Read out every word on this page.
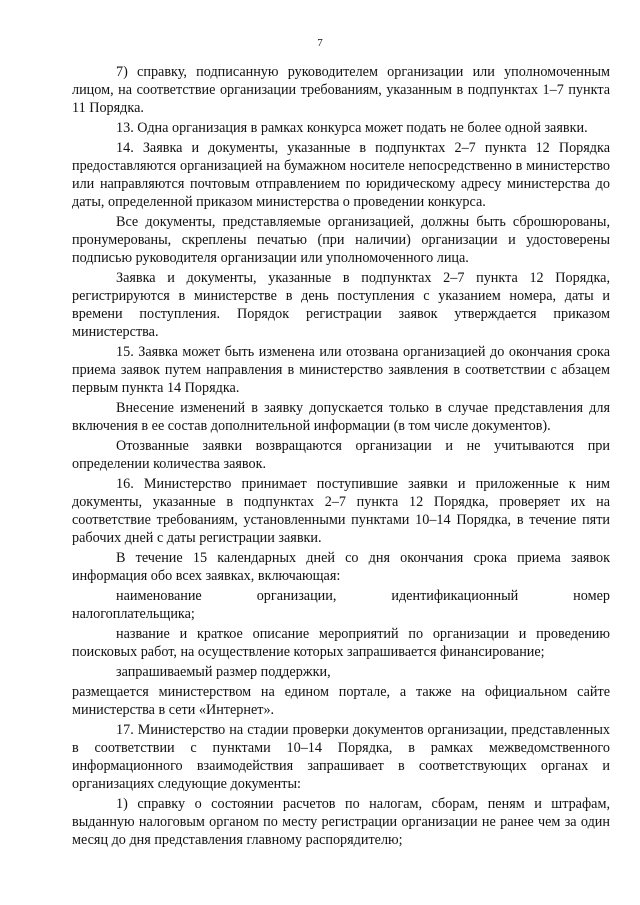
7

7) справку, подписанную руководителем организации или уполномоченным лицом, на соответствие организации требованиям, указанным в подпунктах 1–7 пункта 11 Порядка.

13. Одна организация в рамках конкурса может подать не более одной заявки.

14. Заявка и документы, указанные в подпунктах 2–7 пункта 12 Порядка предоставляются организацией на бумажном носителе непосредственно в министерство или направляются почтовым отправлением по юридическому адресу министерства до даты, определенной приказом министерства о проведении конкурса.

Все документы, представляемые организацией, должны быть сброшюрованы, пронумерованы, скреплены печатью (при наличии) организации и удостоверены подписью руководителя организации или уполномоченного лица.

Заявка и документы, указанные в подпунктах 2–7 пункта 12 Порядка, регистрируются в министерстве в день поступления с указанием номера, даты и времени поступления. Порядок регистрации заявок утверждается приказом министерства.

15. Заявка может быть изменена или отозвана организацией до окончания срока приема заявок путем направления в министерство заявления в соответствии с абзацем первым пункта 14 Порядка.

Внесение изменений в заявку допускается только в случае представления для включения в ее состав дополнительной информации (в том числе документов).

Отозванные заявки возвращаются организации и не учитываются при определении количества заявок.

16. Министерство принимает поступившие заявки и приложенные к ним документы, указанные в подпунктах 2–7 пункта 12 Порядка, проверяет их на соответствие требованиям, установленными пунктами 10–14 Порядка, в течение пяти рабочих дней с даты регистрации заявки.

В течение 15 календарных дней со дня окончания срока приема заявок информация обо всех заявках, включающая:

наименование	организации,	идентификационный	номер

налогоплательщика;

название и краткое описание мероприятий по организации и проведению поисковых работ, на осуществление которых запрашивается финансирование;

запрашиваемый размер поддержки,

размещается министерством на едином портале, а также на официальном сайте министерства в сети «Интернет».

17. Министерство на стадии проверки документов организации, представленных в соответствии с пунктами 10–14 Порядка, в рамках межведомственного информационного взаимодействия запрашивает в соответствующих органах и организациях следующие документы:

1) справку о состоянии расчетов по налогам, сборам, пеням и штрафам, выданную налоговым органом по месту регистрации организации не ранее чем за один месяц до дня представления главному распорядителю;
